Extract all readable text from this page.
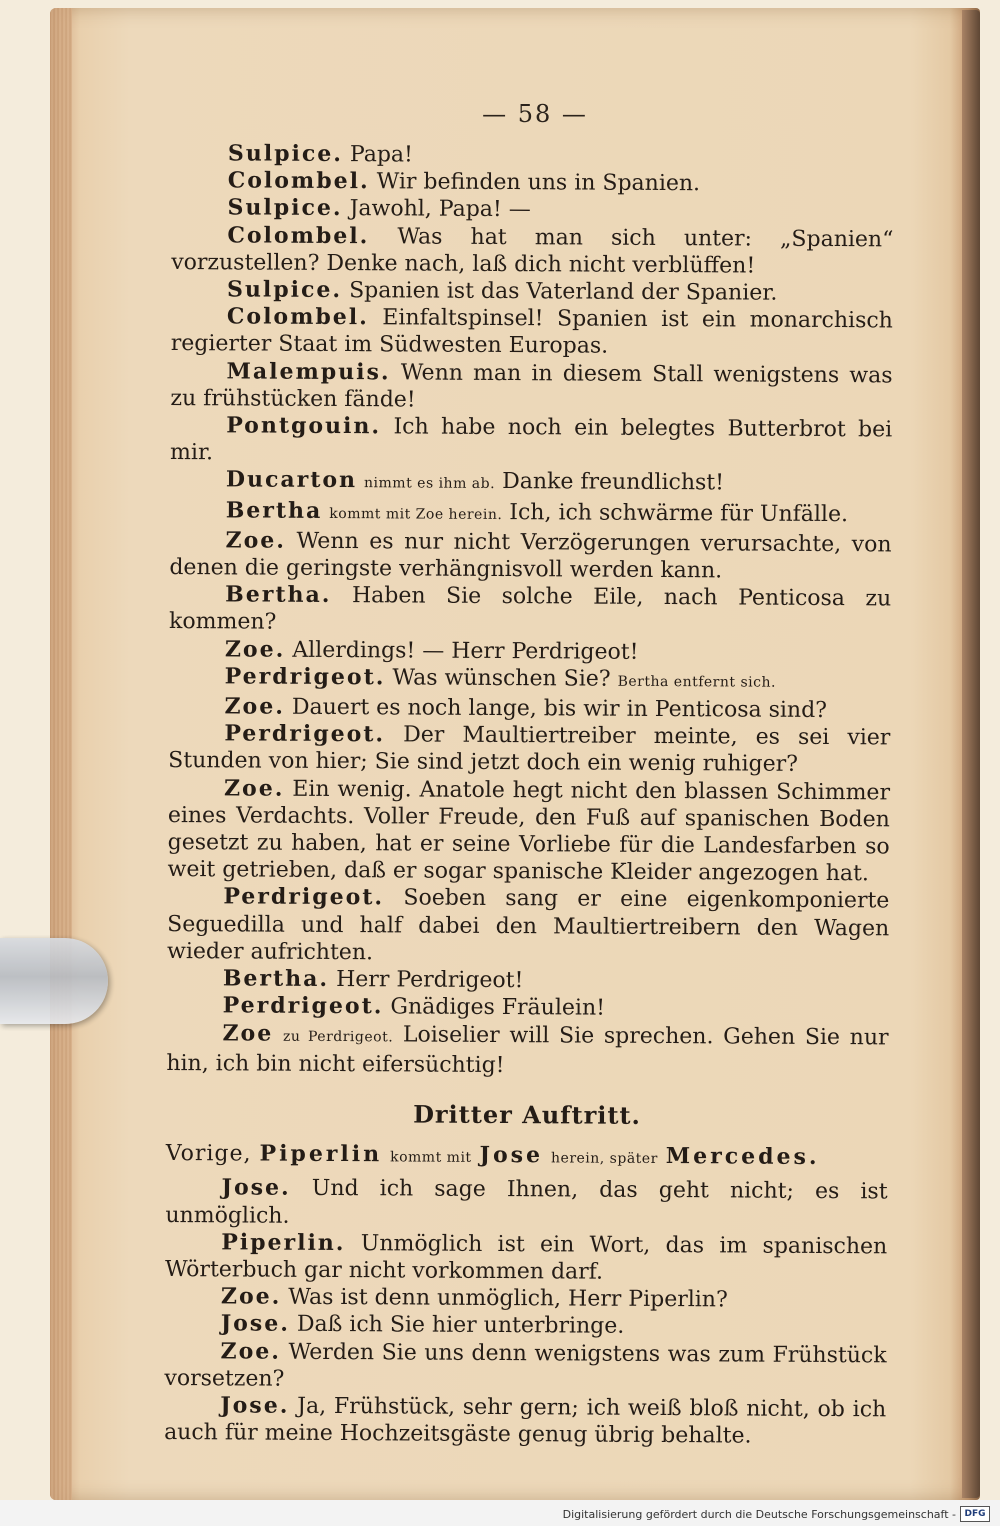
— 58 —

Sulpice. Papa!

Colombel. Wir befinden uns in Spanien.

Sulpice. Jawohl, Papa! —

Colombel. Was hat man sich unter: „Spanien“ vorzustellen? Denke nach, laß dich nicht verblüffen!

Sulpice. Spanien ist das Vaterland der Spanier.

Colombel. Einfaltspinsel! Spanien ist ein monarchisch regierter Staat im Südwesten Europas.

Malempuis. Wenn man in diesem Stall wenigstens was zu frühstücken fände!

Pontgouin. Ich habe noch ein belegtes Butterbrot bei mir.

Ducarton nimmt es ihm ab. Danke freundlichst!

Bertha kommt mit Zoe herein. Ich, ich schwärme für Unfälle.

Zoe. Wenn es nur nicht Verzögerungen verursachte, von denen die geringste verhängnisvoll werden kann.

Bertha. Haben Sie solche Eile, nach Penticosa zu kommen?

Zoe. Allerdings! — Herr Perdrigeot!

Perdrigeot. Was wünschen Sie? Bertha entfernt sich.

Zoe. Dauert es noch lange, bis wir in Penticosa sind?

Perdrigeot. Der Maultiertreiber meinte, es sei vier Stunden von hier; Sie sind jetzt doch ein wenig ruhiger?

Zoe. Ein wenig. Anatole hegt nicht den blassen Schimmer eines Verdachts. Voller Freude, den Fuß auf spanischen Boden gesetzt zu haben, hat er seine Vorliebe für die Landesfarben so weit getrieben, daß er sogar spanische Kleider angezogen hat.

Perdrigeot. Soeben sang er eine eigenkomponierte Seguedilla und half dabei den Maultiertreibern den Wagen wieder aufrichten.

Bertha. Herr Perdrigeot!

Perdrigeot. Gnädiges Fräulein!

Zoe zu Perdrigeot. Loiselier will Sie sprechen. Gehen Sie nur hin, ich bin nicht eifersüchtig!

Dritter Auftritt.

Vorige, Piperlin kommt mit Jose herein, später Mercedes.

Jose. Und ich sage Ihnen, das geht nicht; es ist unmöglich.

Piperlin. Unmöglich ist ein Wort, das im spanischen Wörterbuch gar nicht vorkommen darf.

Zoe. Was ist denn unmöglich, Herr Piperlin?

Jose. Daß ich Sie hier unterbringe.

Zoe. Werden Sie uns denn wenigstens was zum Frühstück vorsetzen?

Jose. Ja, Frühstück, sehr gern; ich weiß bloß nicht, ob ich auch für meine Hochzeitsgäste genug übrig behalte.

Digitalisierung gefördert durch die Deutsche Forschungsgemeinschaft - DFG
